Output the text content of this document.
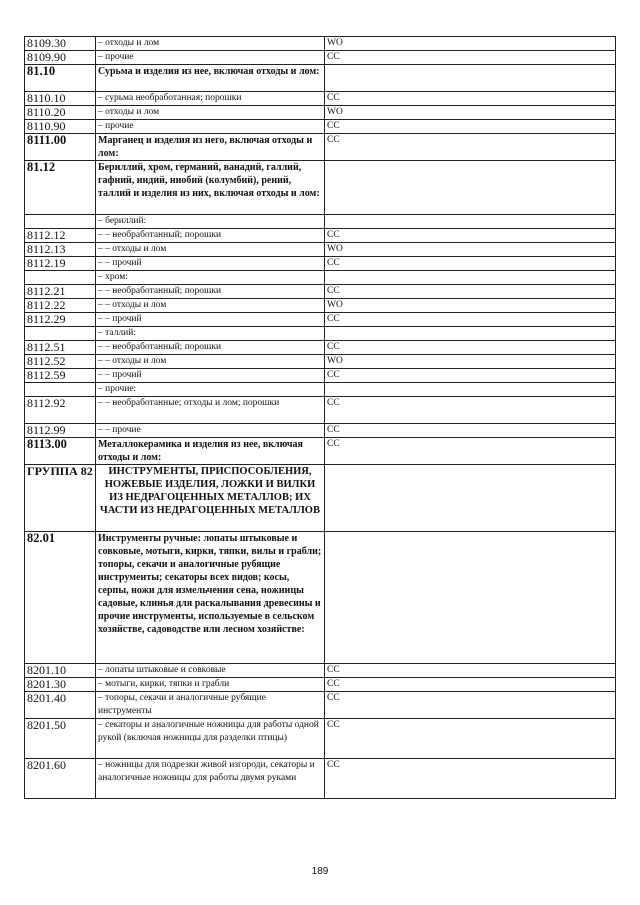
8109.30	– отходы и лом	WO
8109.90	– прочие	CC
81.10	Сурьма и изделия из нее, включая отходы и лом:	
8110.10	– сурьма необработанная; порошки	CC
8110.20	– отходы и лом	WO
8110.90	– прочие	CC
8111.00	Марганец и изделия из него, включая отходы и лом:	CC
81.12	Бериллий, хром, германий, ванадий, галлий, гафний, индий, ниобий (колумбий), рений, таллий и изделия из них, включая отходы и лом:	
	– бериллий:	
8112.12	– – необработанный; порошки	CC
8112.13	– – отходы и лом	WO
8112.19	– – прочий	CC
	– хром:	
8112.21	– – необработанный; порошки	CC
8112.22	– – отходы и лом	WO
8112.29	– – прочий	CC
	– таллий:	
8112.51	– – необработанный; порошки	CC
8112.52	– – отходы и лом	WO
8112.59	– – прочий	CC
	– прочие:	
8112.92	– – необработанные; отходы и лом; порошки	CC
8112.99	– – прочие	CC
8113.00	Металлокерамика и изделия из нее, включая отходы и лом:	CC
ГРУППА 82	ИНСТРУМЕНТЫ, ПРИСПОСОБЛЕНИЯ, НОЖЕВЫЕ ИЗДЕЛИЯ, ЛОЖКИ И ВИЛКИ ИЗ НЕДРАГОЦЕННЫХ МЕТАЛЛОВ; ИХ ЧАСТИ ИЗ НЕДРАГОЦЕННЫХ МЕТАЛЛОВ	
82.01	Инструменты ручные: лопаты штыковые и совковые, мотыги, кирки, тяпки, вилы и грабли; топоры, секачи и аналогичные рубящие инструменты; секаторы всех видов; косы, серпы, ножи для измельчения сена, ножницы садовые, клинья для раскалывания древесины и прочие инструменты, используемые в сельском хозяйстве, садоводстве или лесном хозяйстве:	
8201.10	– лопаты штыковые и совковые	CC
8201.30	– мотыги, кирки, тяпки и грабли	CC
8201.40	– топоры, секачи и аналогичные рубящие инструменты	CC
8201.50	– секаторы и аналогичные ножницы для работы одной рукой (включая ножницы для разделки птицы)	CC
8201.60	– ножницы для подрезки живой изгороди, секаторы и аналогичные ножницы для работы двумя руками	CC
189
